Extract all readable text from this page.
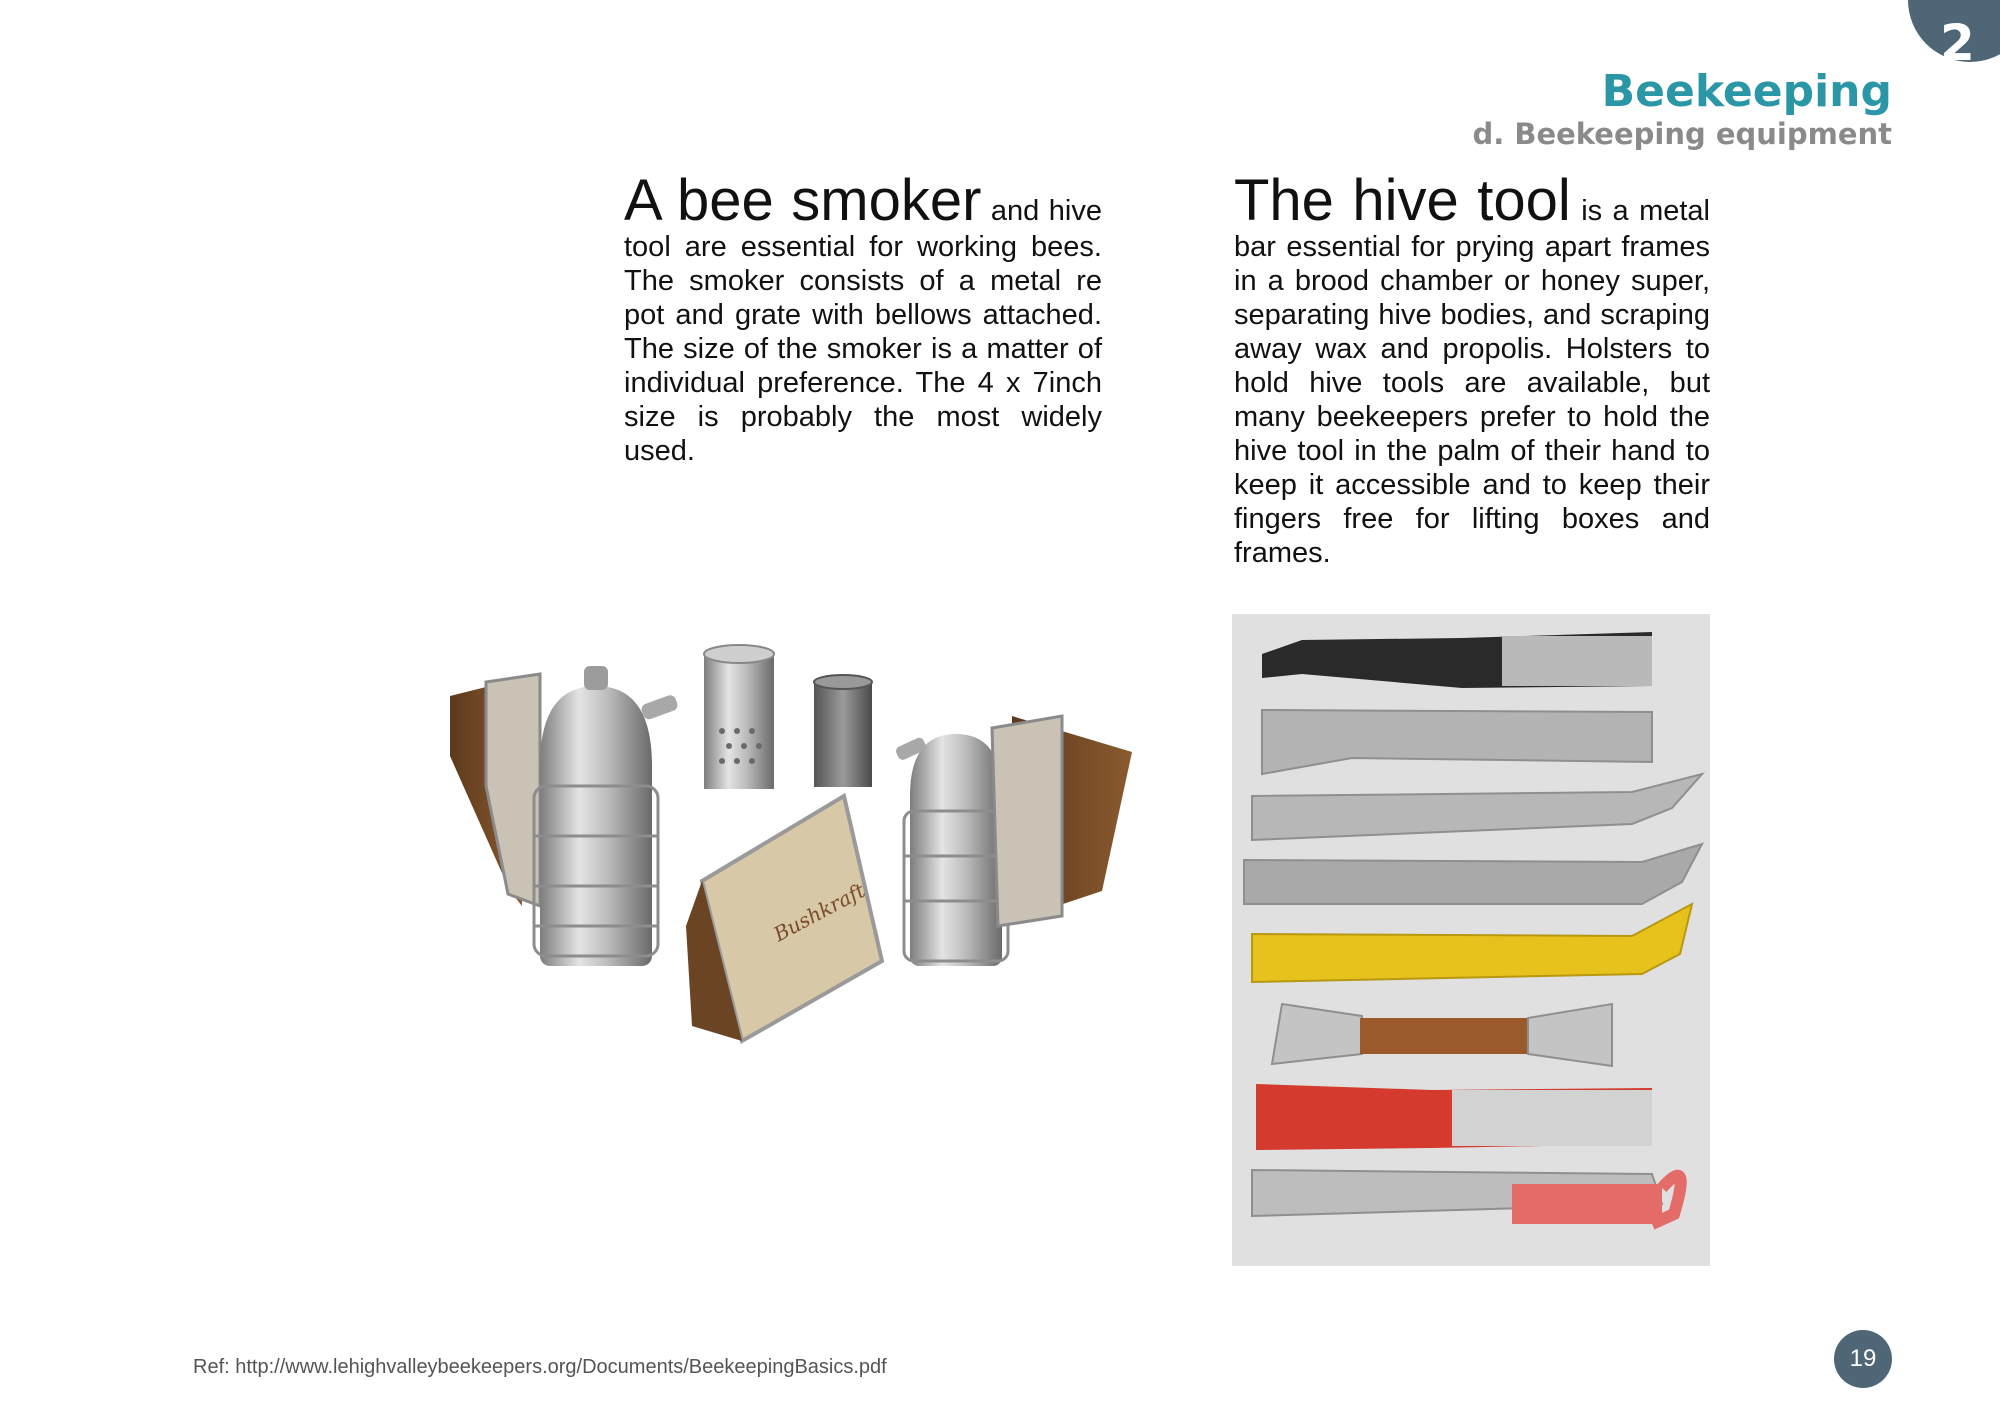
2
Beekeeping
d. Beekeeping equipment
A bee smoker and hive tool are essential for working bees. The smoker consists of a metal re pot and grate with bellows attached. The size of the smoker is a matter of individual preference. The 4 x 7inch size is probably the most widely used.
The hive tool is a metal bar essential for prying apart frames in a brood chamber or honey super, separating hive bodies, and scraping away wax and propolis. Holsters to hold hive tools are available, but many beekeepers prefer to hold the hive tool in the palm of their hand to keep it accessible and to keep their fingers free for lifting boxes and frames.
Bushkraft
Ref: http://www.lehighvalleybeekeepers.org/Documents/BeekeepingBasics.pdf	19
